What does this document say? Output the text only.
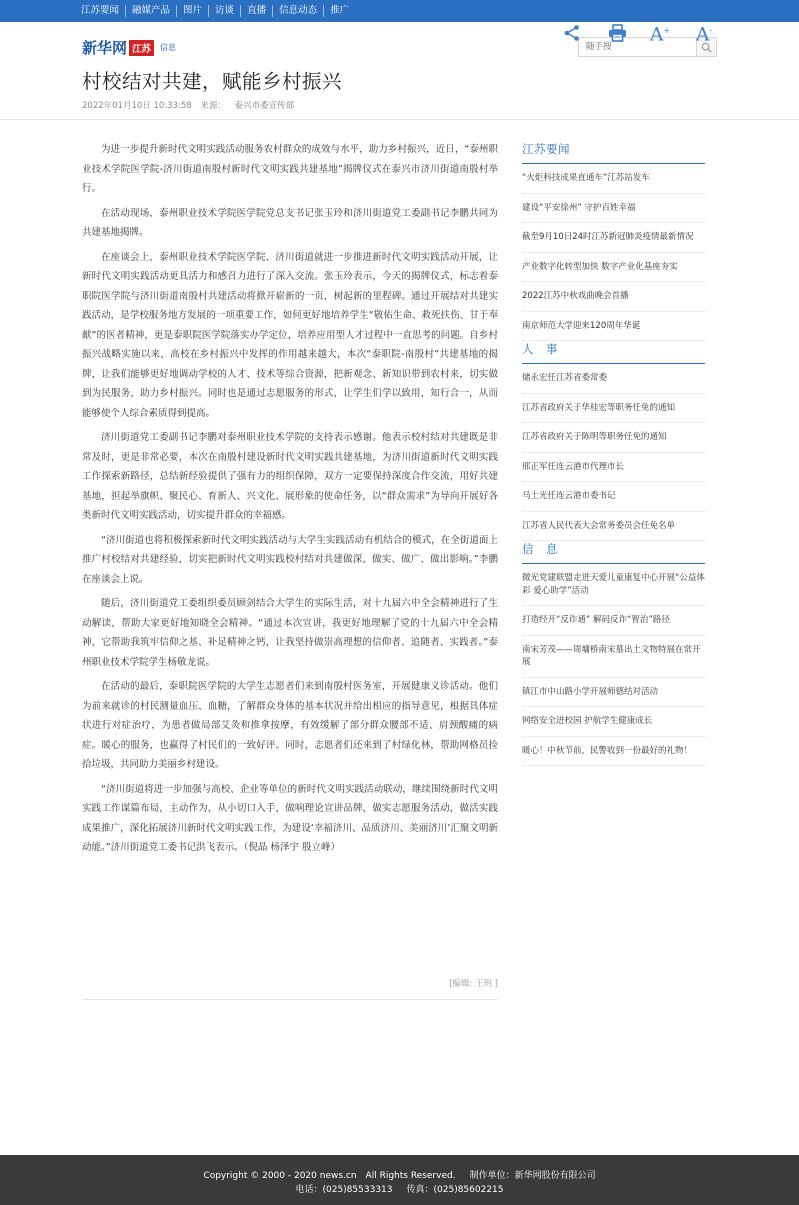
江苏要闻	融媒产品	图片	访谈	直播	信息动态	推广
新华网 江苏	信息
随手搜
村校结对共建，赋能乡村振兴
2022年01月10日 10:33:58 来源： 泰兴市委宣传部
A+ A-

为进一步提升新时代文明实践活动服务农村群众的成效与水平，助力乡村振兴，近日，“泰州职业技术学院医学院-济川街道南殷村新时代文明实践共建基地”揭牌仪式在泰兴市济川街道南殷村举行。

在活动现场，泰州职业技术学院医学院党总支书记张玉玲和济川街道党工委副书记李鹏共同为共建基地揭牌。

在座谈会上，泰州职业技术学院医学院、济川街道就进一步推进新时代文明实践活动开展，让新时代文明实践活动更具活力和感召力进行了深入交流。张玉玲表示，今天的揭牌仪式，标志着泰职院医学院与济川街道南殷村共建活动将掀开崭新的一页，树起新的里程碑。通过开展结对共建实践活动，是学校服务地方发展的一项重要工作，如何更好地培养学生“敬佑生命、救死扶伤、甘于奉献”的医者精神，更是泰职院医学院落实办学定位，培养应用型人才过程中一直思考的问题。自乡村振兴战略实施以来，高校在乡村振兴中发挥的作用越来越大，本次“泰职院-南殷村”共建基地的揭牌，让我们能够更好地调动学校的人才、技术等综合资源，把新观念、新知识带到农村来，切实做到为民服务，助力乡村振兴。同时也是通过志愿服务的形式，让学生们学以致用，知行合一，从而能够使个人综合素质得到提高。

济川街道党工委副书记李鹏对泰州职业技术学院的支持表示感谢。他表示校村结对共建既是非常及时，更是非常必要，本次在南殷村建设新时代文明实践共建基地，为济川街道新时代文明实践工作探索新路径，总结新经验提供了强有力的组织保障，双方一定要保持深度合作交流，用好共建基地，担起举旗帜、聚民心、育新人、兴文化、展形象的使命任务，以“群众需求”为导向开展好各类新时代文明实践活动，切实提升群众的幸福感。

“济川街道也将积极探索新时代文明实践活动与大学生实践活动有机结合的模式，在全街道面上推广村校结对共建经验，切实把新时代文明实践校村结对共建做深、做实、做广、做出影响。”李鹏在座谈会上说。

随后，济川街道党工委组织委员顾剑结合大学生的实际生活，对十九届六中全会精神进行了生动解读，帮助大家更好地知晓全会精神。“通过本次宣讲，我更好地理解了党的十九届六中全会精神，它帮助我筑牢信仰之基、补足精神之钙，让我坚持做崇高理想的信仰者、追随者、实践者。”泰州职业技术学院学生杨敬龙说。

在活动的最后，泰职院医学院的大学生志愿者们来到南殷村医务室，开展健康义诊活动。他们为前来就诊的村民测量血压、血糖，了解群众身体的基本状况并给出相应的指导意见，根据具体症状进行对症治疗，为患者做局部艾灸和推拿按摩，有效缓解了部分群众腰部不适、肩颈酸痛的病症。暖心的服务，也赢得了村民们的一致好评。同时，志愿者们还来到了村绿化林，帮助网格员捡拾垃圾，共同助力美丽乡村建设。

“济川街道将进一步加强与高校、企业等单位的新时代文明实践活动联动，继续围绕新时代文明实践工作谋篇布局，主动作为，从小切口入手，做响理论宣讲品牌，做实志愿服务活动，做活实践成果推广，深化拓展济川新时代文明实践工作，为建设‘幸福济川、品质济川、美丽济川’汇聚文明新动能。”济川街道党工委书记洪飞表示。（倪晶 杨泽宇 殷立峰）

[编辑: 王玥 ]
江苏要闻
“火炬科技成果直通车”江苏站发车
建设“平安徐州” 守护百姓幸福
截至9月10日24时江苏新冠肺炎疫情最新情况
产业数字化转型加快 数字产业化基座夯实
2022江苏中秋戏曲晚会首播
南京师范大学迎来120周年华诞
人　事
储永宏任江苏省委常委
江苏省政府关于华桂宏等职务任免的通知
江苏省政府关于陈明等职务任免的通知
邢正军任连云港市代理市长
马士光任连云港市委书记
江苏省人民代表大会常务委员会任免名单
信　息
微光党建联盟走进天爱儿童康复中心开展“公益体彩 爱心助学”活动
打造经开“反诈通” 解码反诈“智治”路径
南宋芳茂——周墉桥南宋墓出土文物特展在常开展
镇江市中山路小学开展师德结对活动
网络安全进校园 护航学生健康成长
暖心！中秋节前，民警收到一份最好的礼物！
Copyright © 2000 - 2020 news.cn　All Rights Reserved. 制作单位：新华网股份有限公司
电话：(025)85533313 传真：(025)85602215
